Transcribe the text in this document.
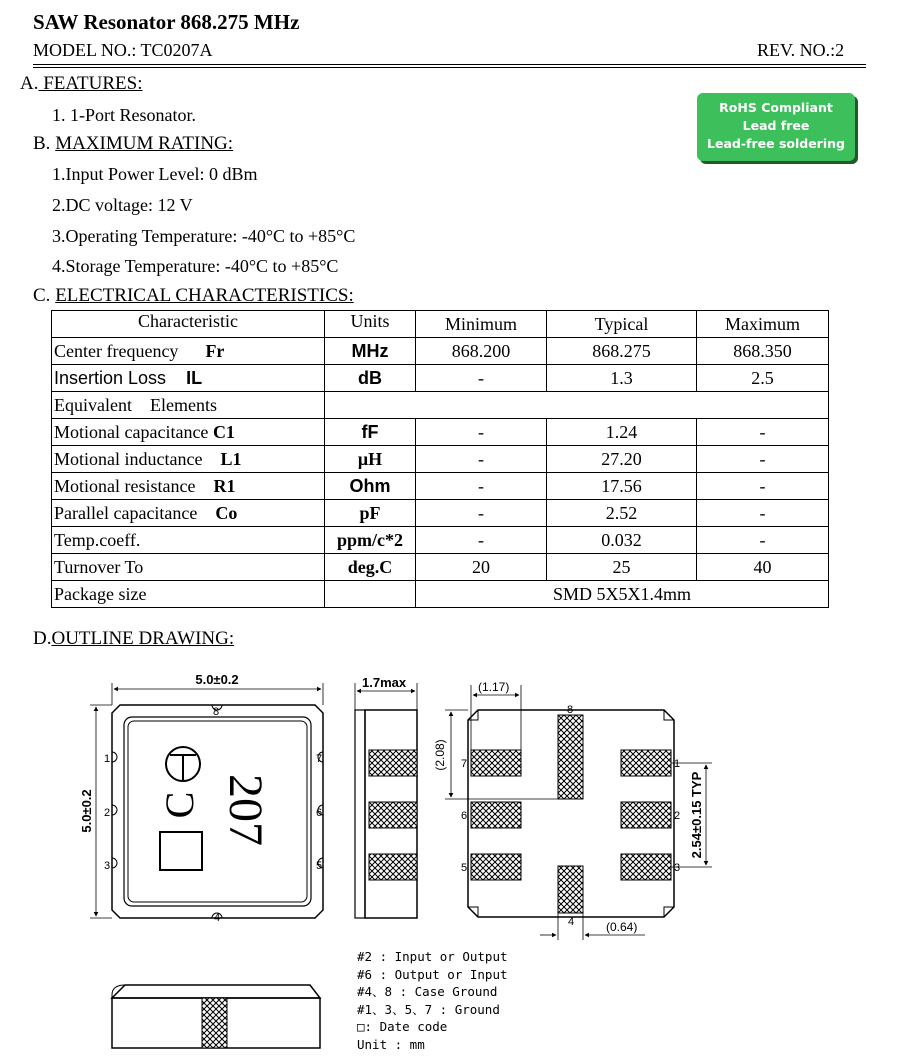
SAW Resonator 868.275 MHz
MODEL NO.: TC0207A	REV. NO.:2
A. FEATURES:
1. 1-Port Resonator.	RoHS Compliant
Lead free
Lead-free soldering
B. MAXIMUM RATING:
1.Input Power Level: 0 dBm
2.DC voltage: 12 V
3.Operating Temperature: -40°C to +85°C
4.Storage Temperature: -40°C to +85°C
C. ELECTRICAL CHARACTERISTICS:
Characteristic	Units	Minimum	Typical	Maximum
Center frequency Fr	MHz	868.200	868.275	868.350
Insertion Loss IL	dB	-	1.3	2.5
Equivalent    Elements				
Motional capacitance C1	fF	-	1.24	-
Motional inductance L1	μH	-	27.20	-
Motional resistance R1	Ohm	-	17.56	-
Parallel capacitance Co	pF	-	2.52	-
Temp.coeff.	ppm/c*2	-	0.032	-
Turnover To	deg.C	20	25	40
Package size		SMD 5X5X1.4mm		
D.OUTLINE DRAWING:
5.0±0.2
5.0±0.2
1
2
3
4
5
6
7
8
C 207
1.7max	(1.17)
(2.08)
2.54±0.15 TYP
(0.64)
1
2
3
4
5
6
7
8
#2 : Input or Output
#6 : Output or Input
#4、8 : Case Ground
#1、3、5、7 : Ground
□: Date code
Unit : mm
